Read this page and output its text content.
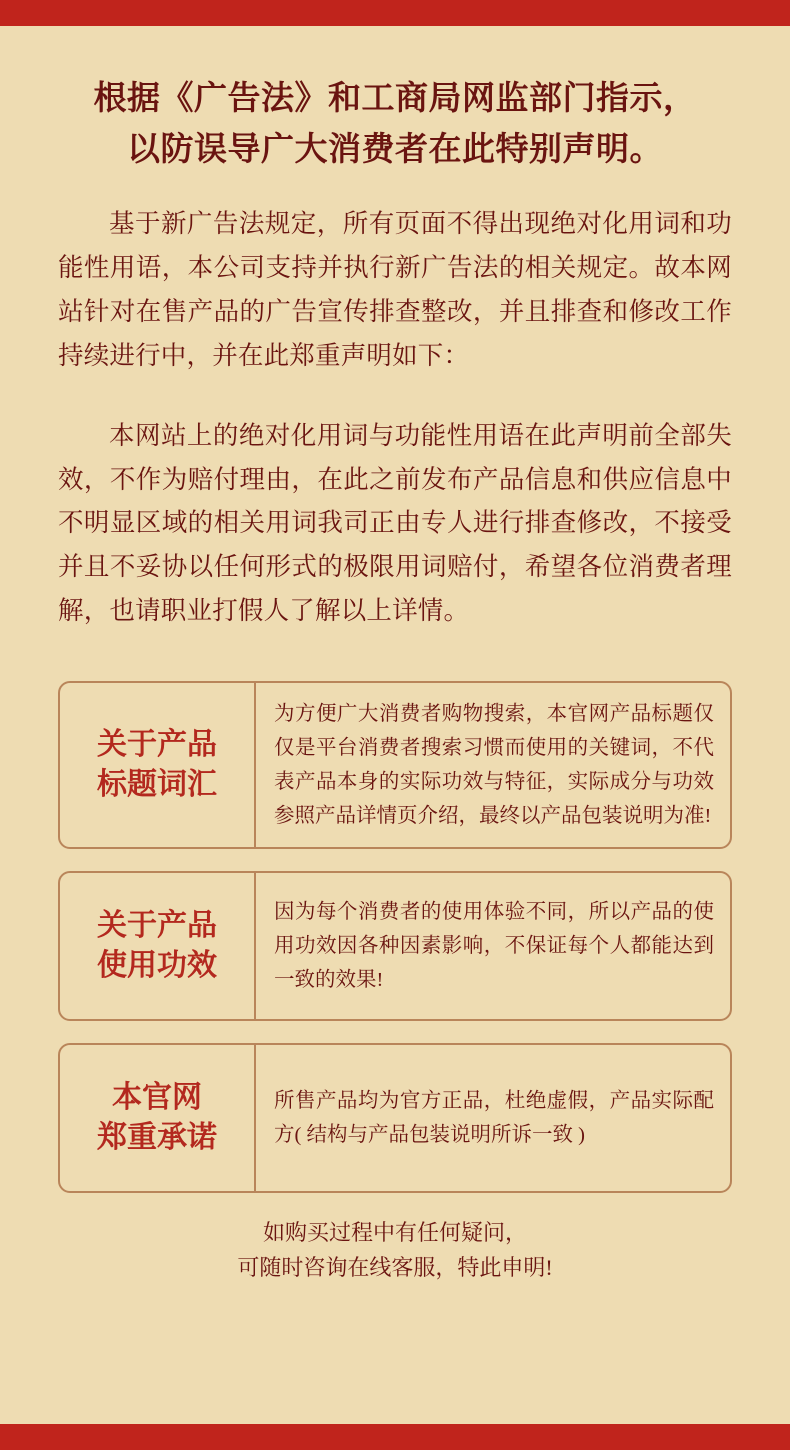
根据《广告法》和工商局网监部门指示，
以防误导广大消费者在此特别声明。

基于新广告法规定，所有页面不得出现绝对化用词和功能性用语，本公司支持并执行新广告法的相关规定。故本网站针对在售产品的广告宣传排查整改，并且排查和修改工作持续进行中，并在此郑重声明如下：

本网站上的绝对化用词与功能性用语在此声明前全部失效，不作为赔付理由，在此之前发布产品信息和供应信息中不明显区域的相关用词我司正由专人进行排查修改，不接受并且不妥协以任何形式的极限用词赔付，希望各位消费者理解，也请职业打假人了解以上详情。

关于产品
标题词汇
为方便广大消费者购物搜索，本官网产品标题仅仅是平台消费者搜索习惯而使用的关键词，不代表产品本身的实际功效与特征，实际成分与功效参照产品详情页介绍，最终以产品包装说明为准!
关于产品
使用功效
因为每个消费者的使用体验不同，所以产品的使用功效因各种因素影响，不保证每个人都能达到一致的效果!
本官网
郑重承诺
所售产品均为官方正品，杜绝虚假，产品实际配方( 结构与产品包装说明所诉一致 )
如购买过程中有任何疑问，
可随时咨询在线客服，特此申明!
